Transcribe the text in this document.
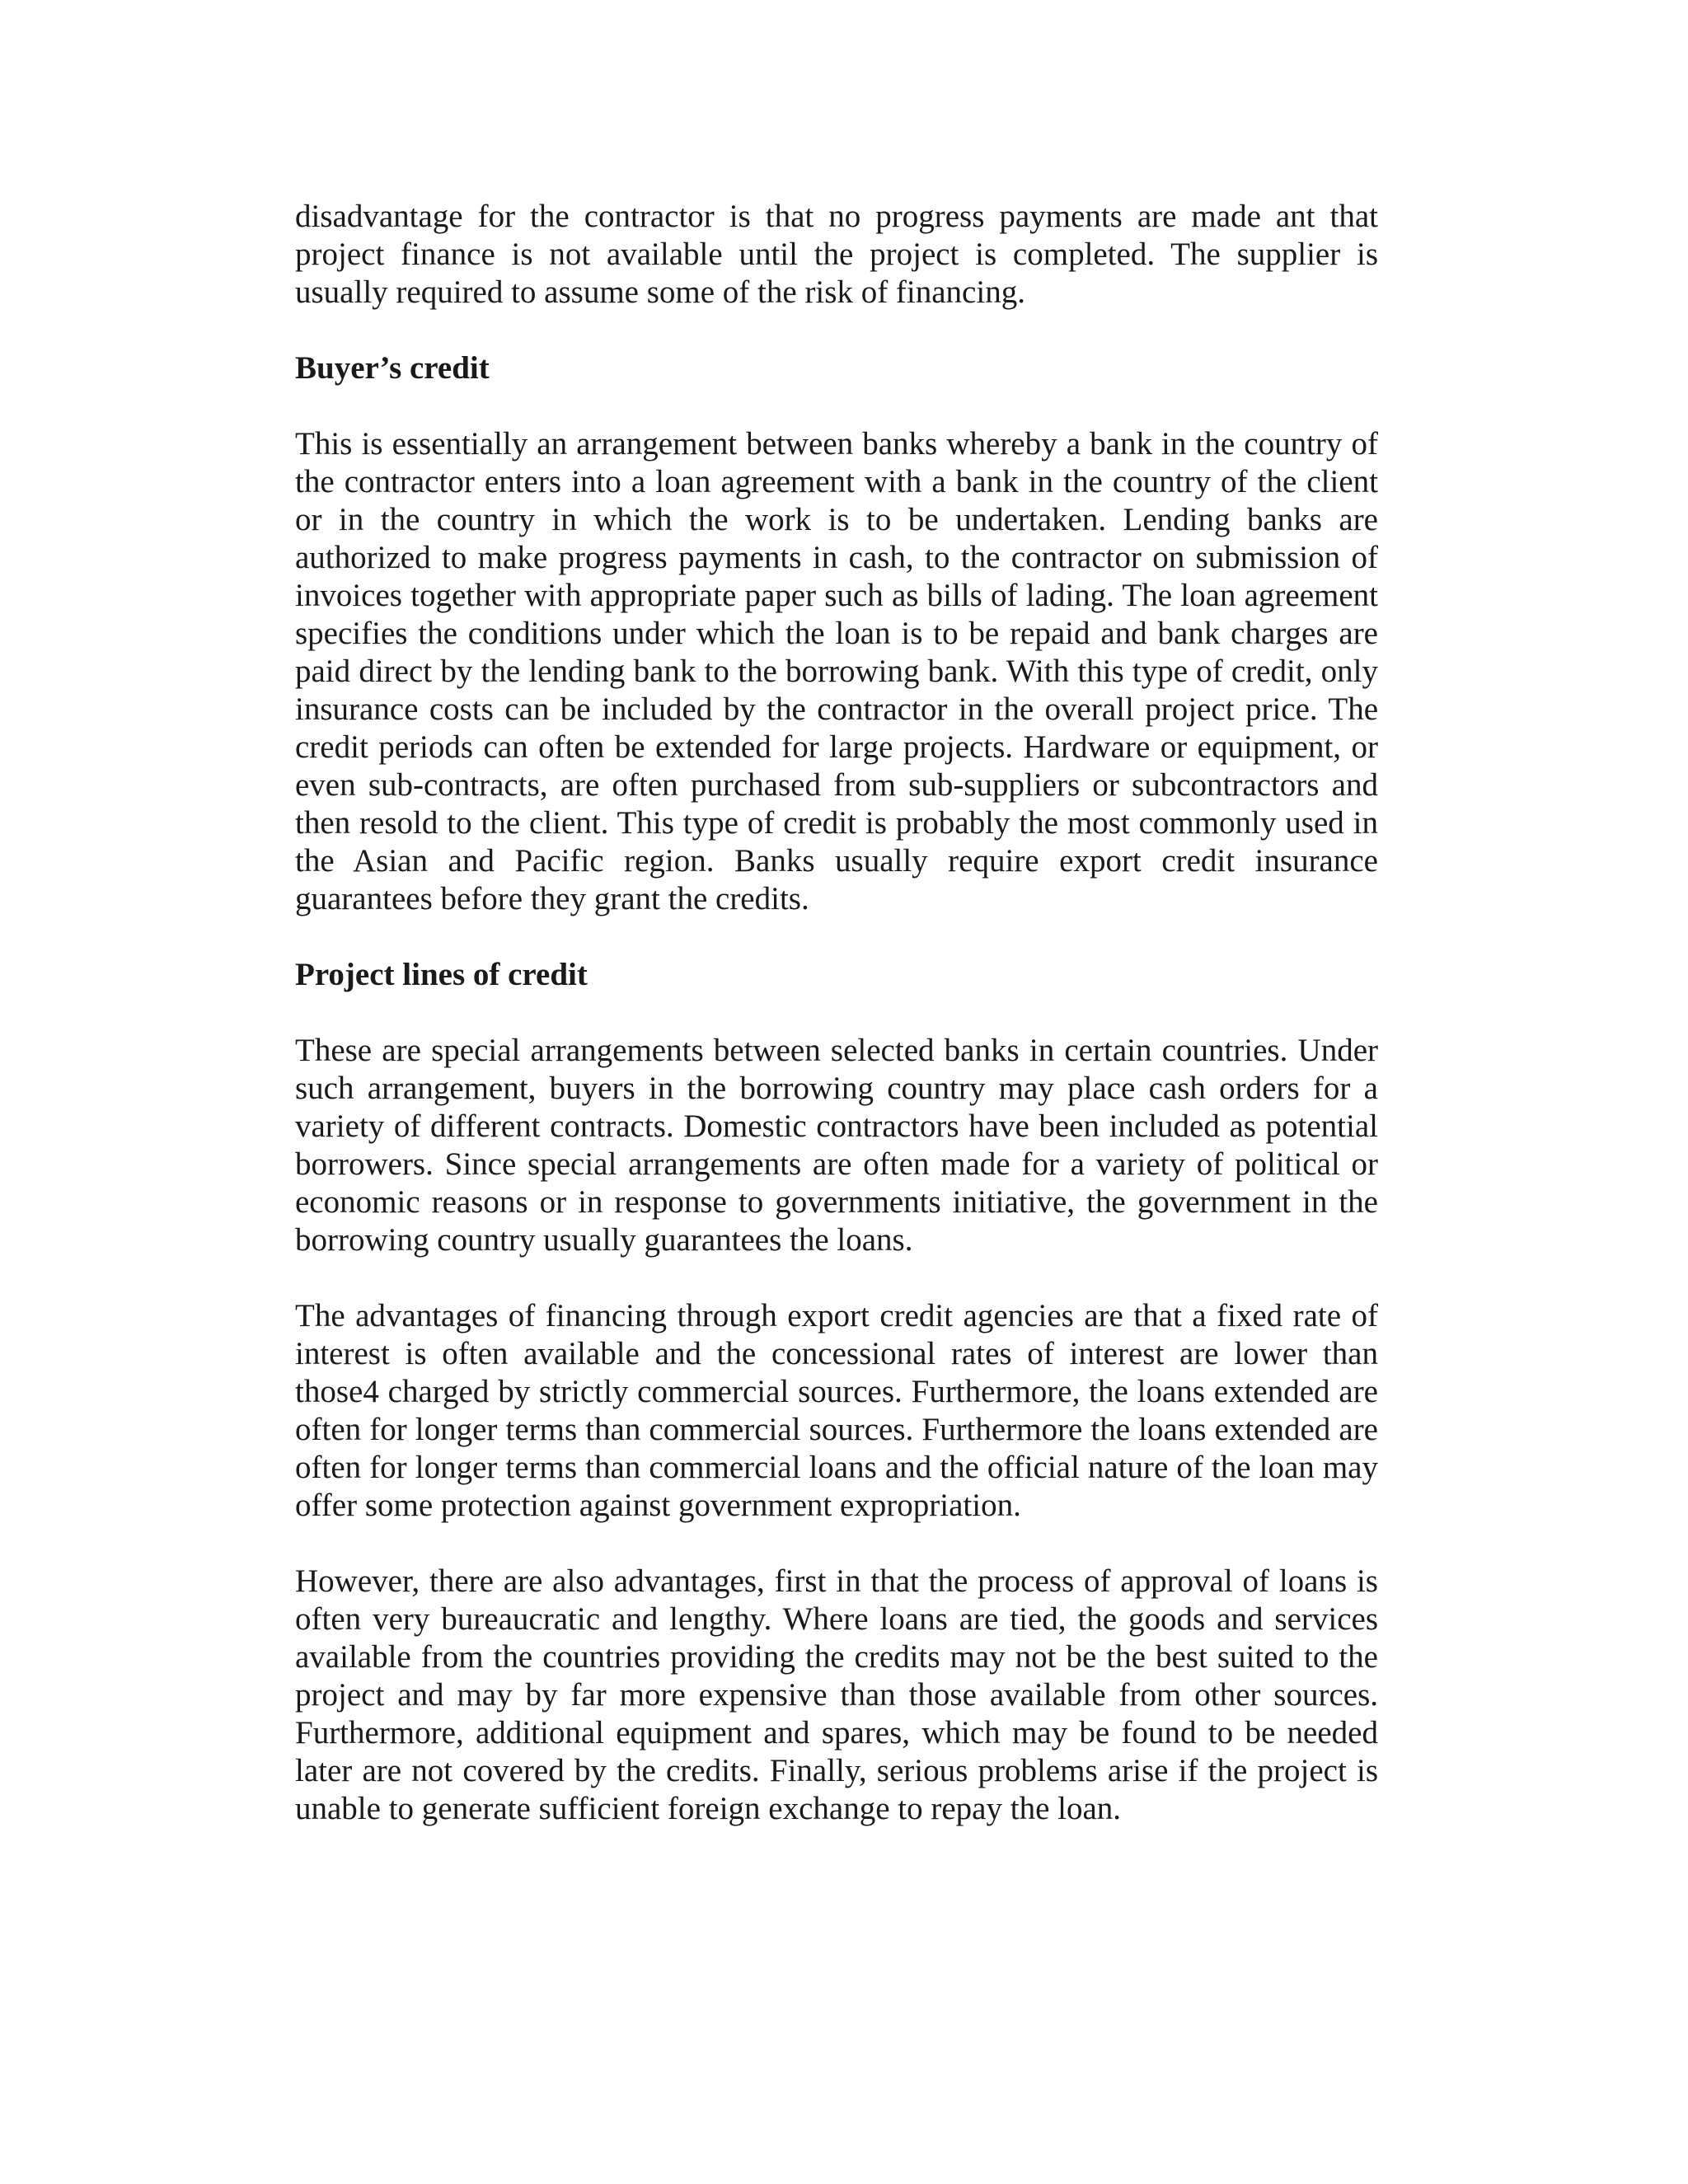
disadvantage for the contractor is that no progress payments are made ant that project finance is not available until the project is completed. The supplier is usually required to assume some of the risk of financing.

Buyer’s credit

This is essentially an arrangement between banks whereby a bank in the country of the contractor enters into a loan agreement with a bank in the country of the client or in the country in which the work is to be undertaken. Lending banks are authorized to make progress payments in cash, to the contractor on submission of invoices together with appropriate paper such as bills of lading. The loan agreement specifies the conditions under which the loan is to be repaid and bank charges are paid direct by the lending bank to the borrowing bank. With this type of credit, only insurance costs can be included by the contractor in the overall project price. The credit periods can often be extended for large projects. Hardware or equipment, or even sub-contracts, are often purchased from sub-suppliers or subcontractors and then resold to the client. This type of credit is probably the most commonly used in the Asian and Pacific region. Banks usually require export credit insurance guarantees before they grant the credits.

Project lines of credit

These are special arrangements between selected banks in certain countries. Under such arrangement, buyers in the borrowing country may place cash orders for a variety of different contracts. Domestic contractors have been included as potential borrowers. Since special arrangements are often made for a variety of political or economic reasons or in response to governments initiative, the government in the borrowing country usually guarantees the loans.

The advantages of financing through export credit agencies are that a fixed rate of interest is often available and the concessional rates of interest are lower than those4 charged by strictly commercial sources. Furthermore, the loans extended are often for longer terms than commercial sources. Furthermore the loans extended are often for longer terms than commercial loans and the official nature of the loan may offer some protection against government expropriation.

However, there are also advantages, first in that the process of approval of loans is often very bureaucratic and lengthy. Where loans are tied, the goods and services available from the countries providing the credits may not be the best suited to the project and may by far more expensive than those available from other sources. Furthermore, additional equipment and spares, which may be found to be needed later are not covered by the credits. Finally, serious problems arise if the project is unable to generate sufficient foreign exchange to repay the loan.
